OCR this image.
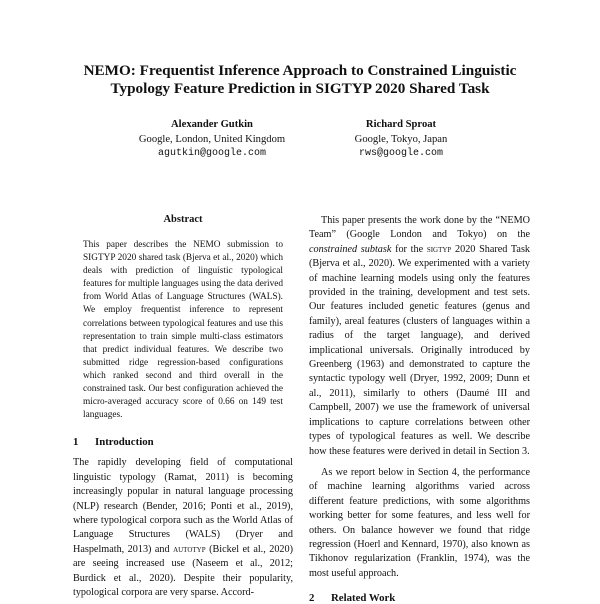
NEMO: Frequentist Inference Approach to Constrained Linguistic
Typology Feature Prediction in SIGTYP 2020 Shared Task
Alexander Gutkin
Google, London, United Kingdom
agutkin@google.com
Richard Sproat
Google, Tokyo, Japan
rws@google.com
Abstract

This paper describes the NEMO submission to SIGTYP 2020 shared task (Bjerva et al., 2020) which deals with prediction of linguistic typological features for multiple languages using the data derived from World Atlas of Language Structures (WALS). We employ frequentist inference to represent correlations between typological features and use this representation to train simple multi-class estimators that predict individual features. We describe two submitted ridge regression-based configurations which ranked second and third overall in the constrained task. Our best configuration achieved the micro-averaged accuracy score of 0.66 on 149 test languages.

1 Introduction

The rapidly developing field of computational linguistic typology (Ramat, 2011) is becoming increasingly popular in natural language processing (NLP) research (Bender, 2016; Ponti et al., 2019), where typological corpora such as the World Atlas of Language Structures (WALS) (Dryer and Haspelmath, 2013) and autotyp (Bickel et al., 2020) are seeing increased use (Naseem et al., 2012; Burdick et al., 2020). Despite their popularity, typological corpora are very sparse. Accord-

This paper presents the work done by the “NEMO Team” (Google London and Tokyo) on the constrained subtask for the sigtyp 2020 Shared Task (Bjerva et al., 2020). We experimented with a variety of machine learning models using only the features provided in the training, development and test sets. Our features included genetic features (genus and family), areal features (clusters of languages within a radius of the target language), and derived implicational universals. Originally introduced by Greenberg (1963) and demonstrated to capture the syntactic typology well (Dryer, 1992, 2009; Dunn et al., 2011), similarly to others (Daumé III and Campbell, 2007) we use the framework of universal implications to capture correlations between other types of typological features as well. We describe how these features were derived in detail in Section 3.

As we report below in Section 4, the performance of machine learning algorithms varied across different feature predictions, with some algorithms working better for some features, and less well for others. On balance however we found that ridge regression (Hoerl and Kennard, 1970), also known as Tikhonov regularization (Franklin, 1974), was the most useful approach.

2 Related Work
